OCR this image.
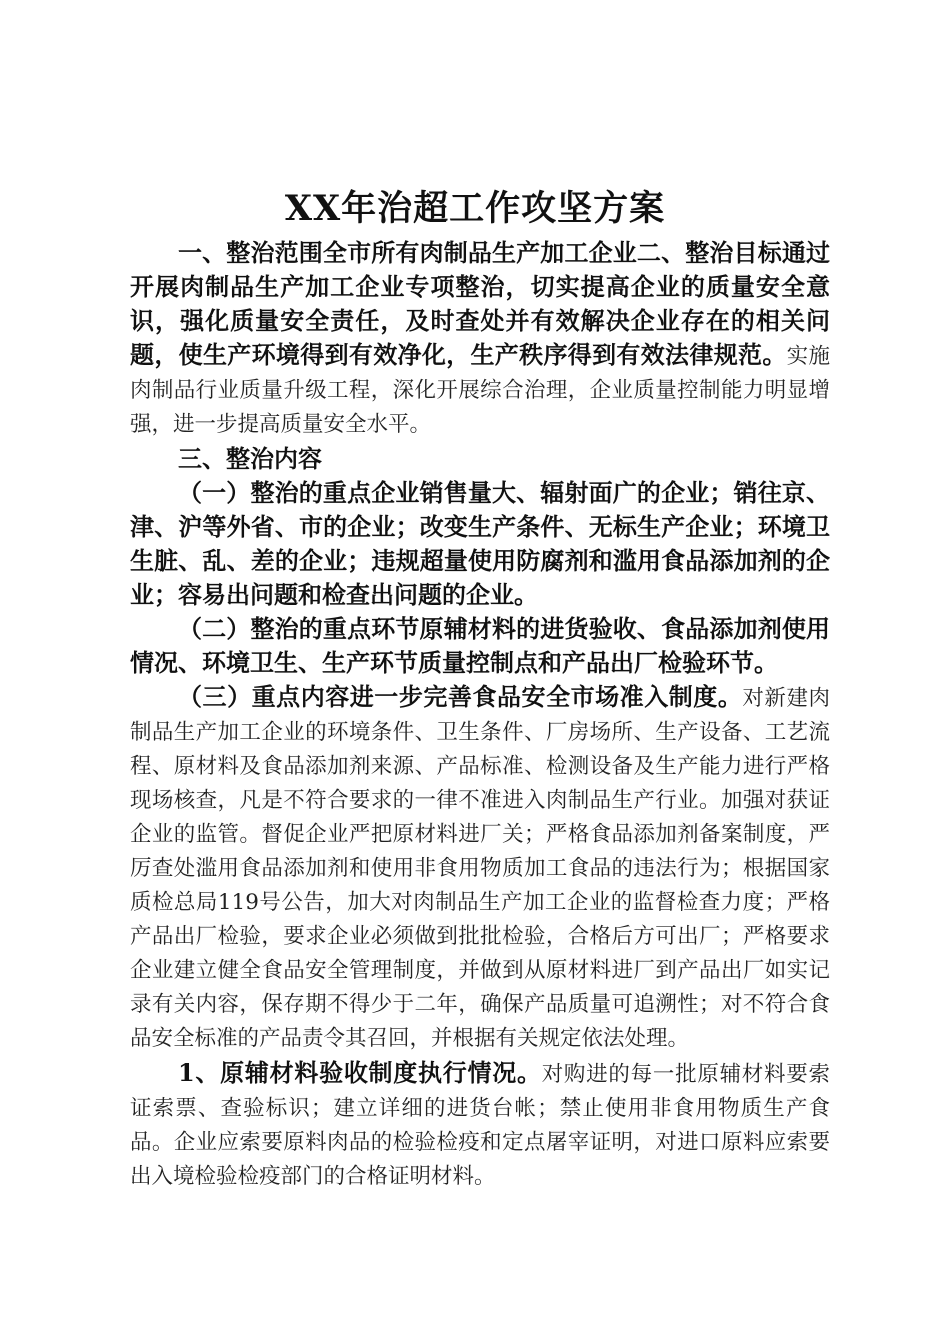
XX年治超工作攻坚方案

一、整治范围全市所有肉制品生产加工企业二、整治目标通过开展肉制品生产加工企业专项整治，切实提高企业的质量安全意识，强化质量安全责任，及时查处并有效解决企业存在的相关问题，使生产环境得到有效净化，生产秩序得到有效法律规范。实施肉制品行业质量升级工程，深化开展综合治理，企业质量控制能力明显增强，进一步提高质量安全水平。

三、整治内容

（一）整治的重点企业销售量大、辐射面广的企业；销往京、津、沪等外省、市的企业；改变生产条件、无标生产企业；环境卫生脏、乱、差的企业；违规超量使用防腐剂和滥用食品添加剂的企业；容易出问题和检查出问题的企业。

（二）整治的重点环节原辅材料的进货验收、食品添加剂使用情况、环境卫生、生产环节质量控制点和产品出厂检验环节。

（三）重点内容进一步完善食品安全市场准入制度。对新建肉制品生产加工企业的环境条件、卫生条件、厂房场所、生产设备、工艺流程、原材料及食品添加剂来源、产品标准、检测设备及生产能力进行严格现场核查，凡是不符合要求的一律不准进入肉制品生产行业。加强对获证企业的监管。督促企业严把原材料进厂关；严格食品添加剂备案制度，严厉查处滥用食品添加剂和使用非食用物质加工食品的违法行为；根据国家质检总局119号公告，加大对肉制品生产加工企业的监督检查力度；严格产品出厂检验，要求企业必须做到批批检验，合格后方可出厂；严格要求企业建立健全食品安全管理制度，并做到从原材料进厂到产品出厂如实记录有关内容，保存期不得少于二年，确保产品质量可追溯性；对不符合食品安全标准的产品责令其召回，并根据有关规定依法处理。

1、原辅材料验收制度执行情况。对购进的每一批原辅材料要索证索票、查验标识；建立详细的进货台帐；禁止使用非食用物质生产食品。企业应索要原料肉品的检验检疫和定点屠宰证明，对进口原料应索要出入境检验检疫部门的合格证明材料。
